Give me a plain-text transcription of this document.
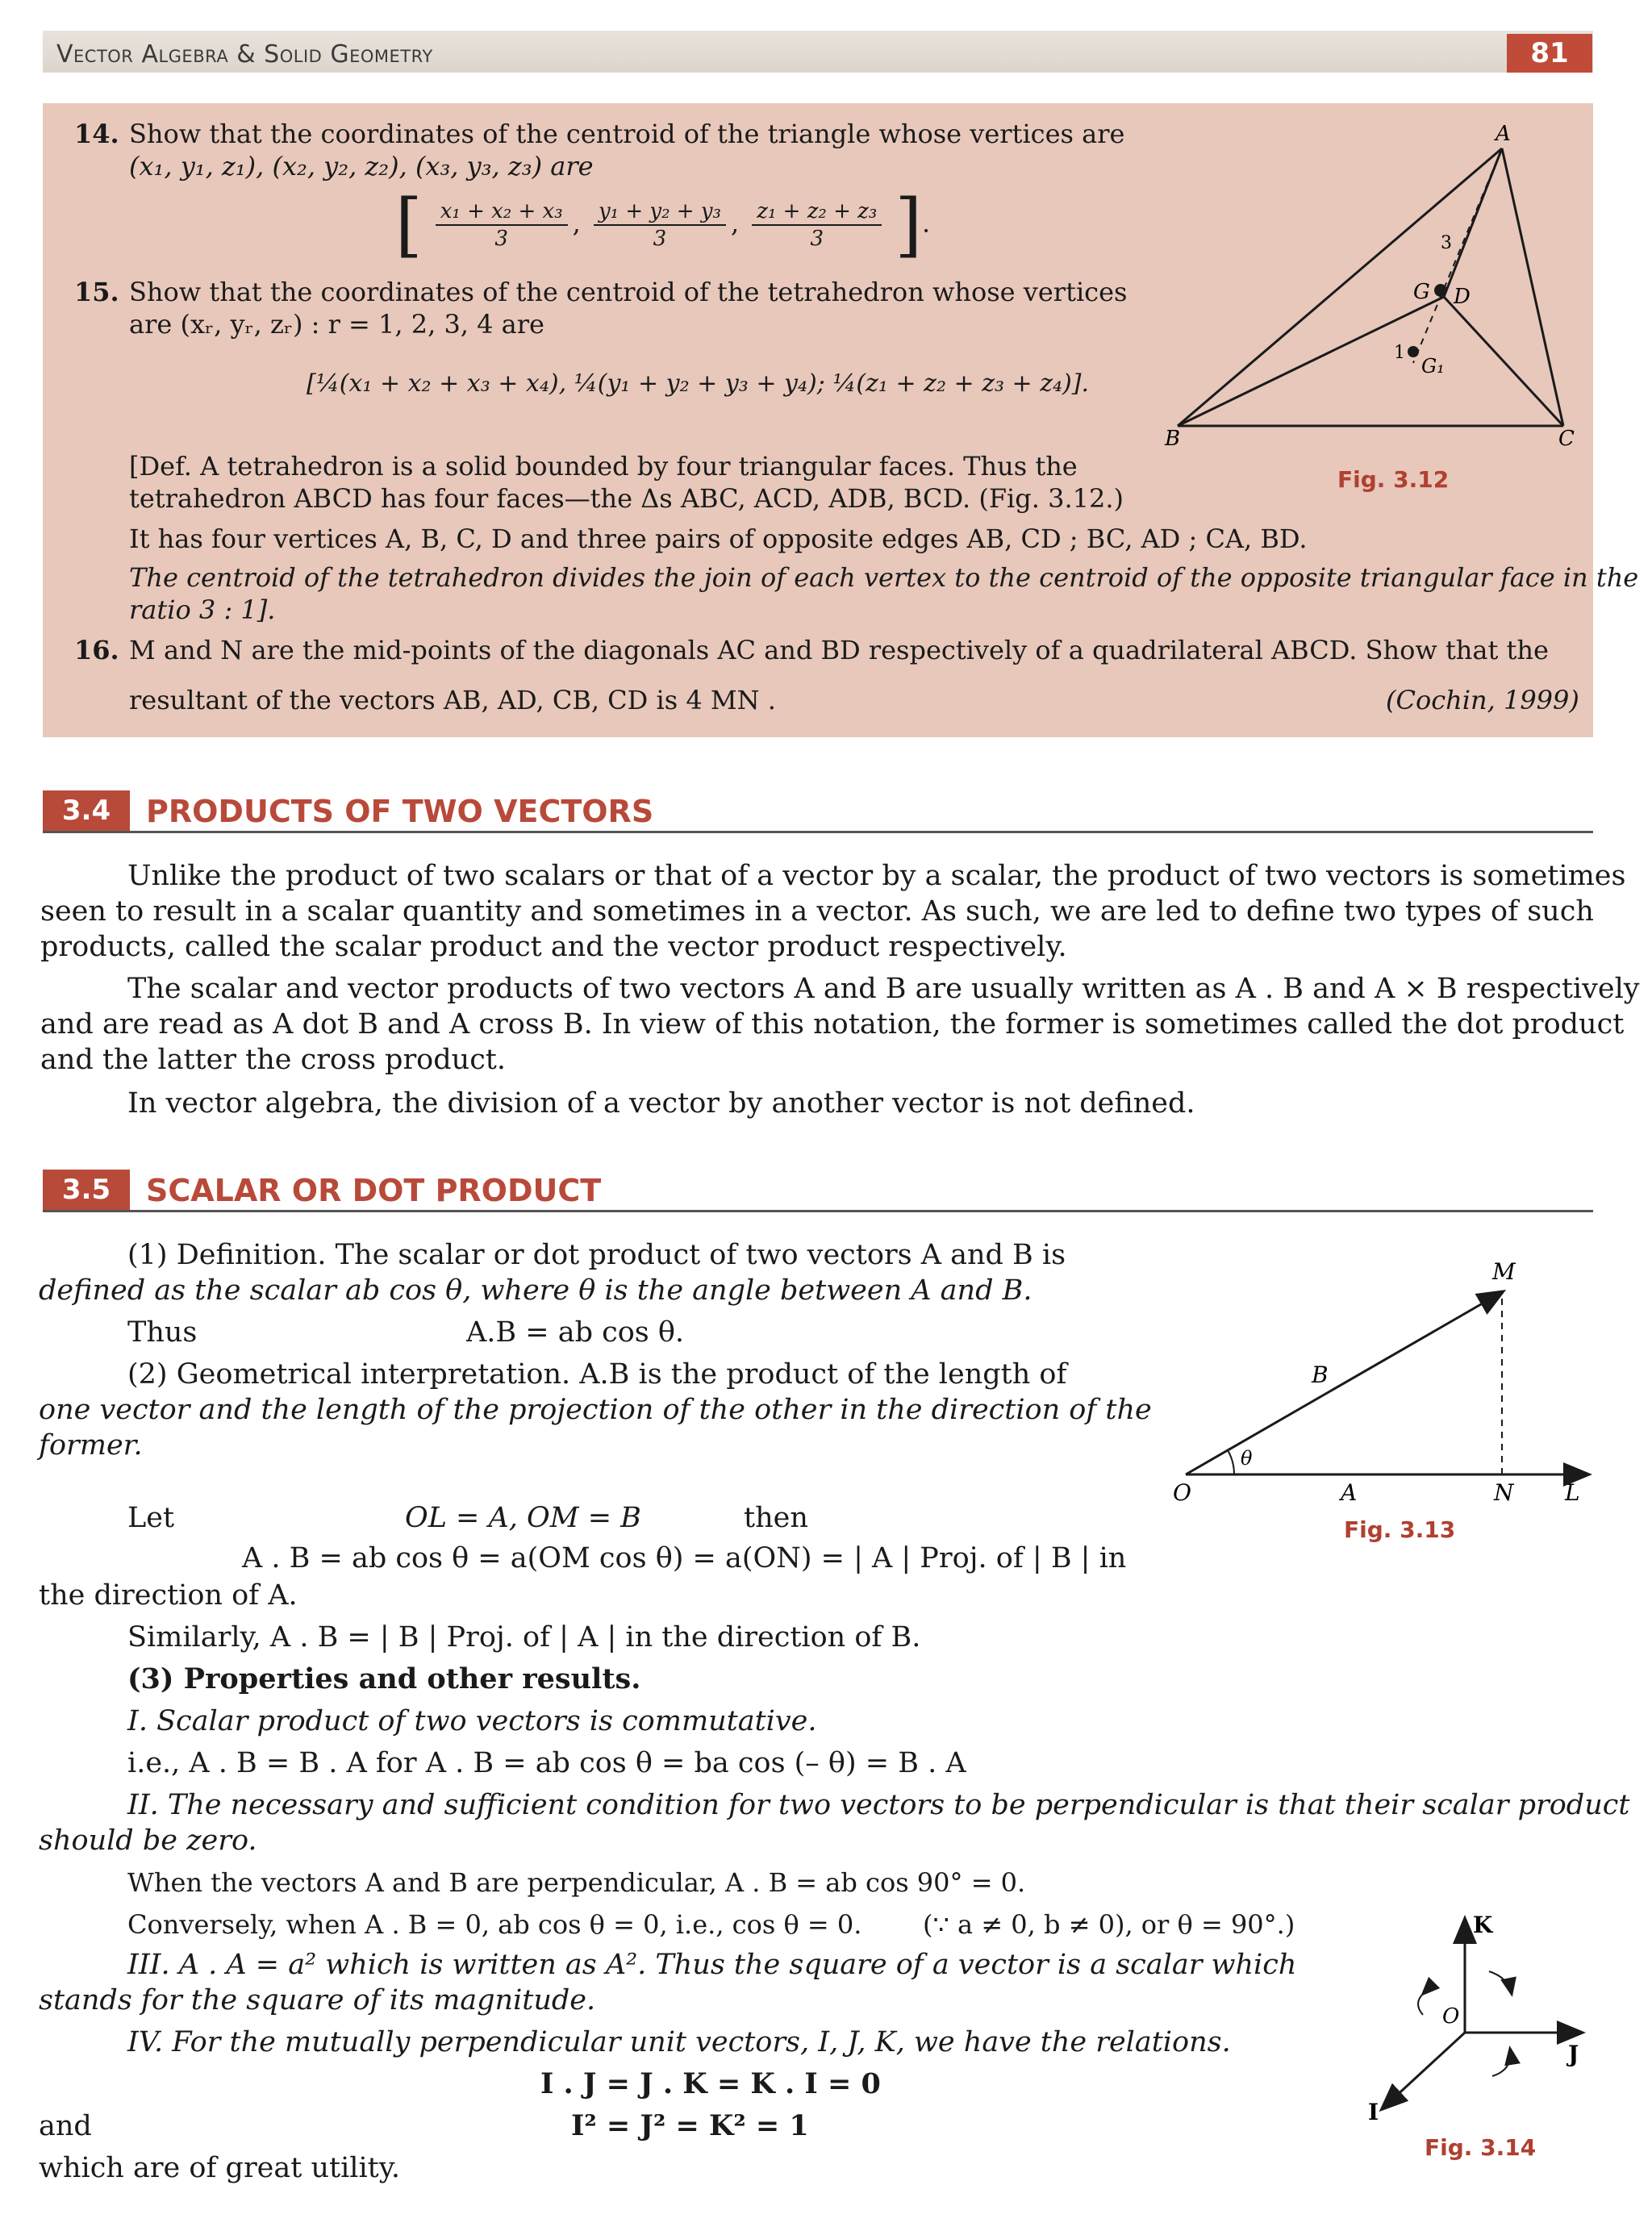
Vector Algebra & Solid Geometry	81
14. Show that the coordinates of the centroid of the triangle whose vertices are
(x₁, y₁, z₁), (x₂, y₂, z₂), (x₃, y₃, z₃) are
[ $\frac{\text{x₁ + x₂ + x₃}}{3}$ , $\frac{\text{y₁ + y₂ + y₃}}{3}$ , $\frac{\text{z₁ + z₂ + z₃}}{3}$ ].
15. Show that the coordinates of the centroid of the tetrahedron whose vertices
are (xᵣ, yᵣ, zᵣ) : r = 1, 2, 3, 4 are
[¼(x₁ + x₂ + x₃ + x₄), ¼(y₁ + y₂ + y₃ + y₄); ¼(z₁ + z₂ + z₃ + z₄)].
[Def. A tetrahedron is a solid bounded by four triangular faces. Thus the
tetrahedron ABCD has four faces—the Δs ABC, ACD, ADB, BCD. (Fig. 3.12.)
It has four vertices A, B, C, D and three pairs of opposite edges AB, CD ; BC, AD ; CA, BD.
The centroid of the tetrahedron divides the join of each vertex to the centroid of the opposite triangular face in the
ratio 3 : 1].
16. M and N are the mid-points of the diagonals AC and BD respectively of a quadrilateral ABCD. Show that the
resultant of the vectors AB, AD, CB, CD is 4 MN .	(Cochin, 1999)
A
B	C
D
G
G₁
3
1
Fig. 3.12
3.4	PRODUCTS OF TWO VECTORS
Unlike the product of two scalars or that of a vector by a scalar, the product of two vectors is sometimes
seen to result in a scalar quantity and sometimes in a vector. As such, we are led to define two types of such
products, called the scalar product and the vector product respectively.
The scalar and vector products of two vectors A and B are usually written as A . B and A × B respectively
and are read as A dot B and A cross B. In view of this notation, the former is sometimes called the dot product
and the latter the cross product.
In vector algebra, the division of a vector by another vector is not defined.
3.5	SCALAR OR DOT PRODUCT
(1) Definition. The scalar or dot product of two vectors A and B is
defined as the scalar ab cos θ, where θ is the angle between A and B.
Thus	A.B = ab cos θ.
(2) Geometrical interpretation. A.B is the product of the length of
one vector and the length of the projection of the other in the direction of the
former.
Let	OL = A, OM = B	then
A . B = ab cos θ = a(OM cos θ) = a(ON) = | A | Proj. of | B | in
the direction of A.
Similarly, A . B = | B | Proj. of | A | in the direction of B.
(3) Properties and other results.
I. Scalar product of two vectors is commutative.
i.e., A . B = B . A for A . B = ab cos θ = ba cos (– θ) = B . A
II. The necessary and sufficient condition for two vectors to be perpendicular is that their scalar product
should be zero.
When the vectors A and B are perpendicular, A . B = ab cos 90° = 0.
Conversely, when A . B = 0, ab cos θ = 0, i.e., cos θ = 0. (∵ a ≠ 0, b ≠ 0), or θ = 90°.)
III. A . A = a² which is written as A². Thus the square of a vector is a scalar which
stands for the square of its magnitude.
IV. For the mutually perpendicular unit vectors, I, J, K, we have the relations.
I . J = J . K = K . I = 0
and	I² = J² = K² = 1
which are of great utility.
O	A	N L
M
B
θ
Fig. 3.13
K
J
I
O
Fig. 3.14
